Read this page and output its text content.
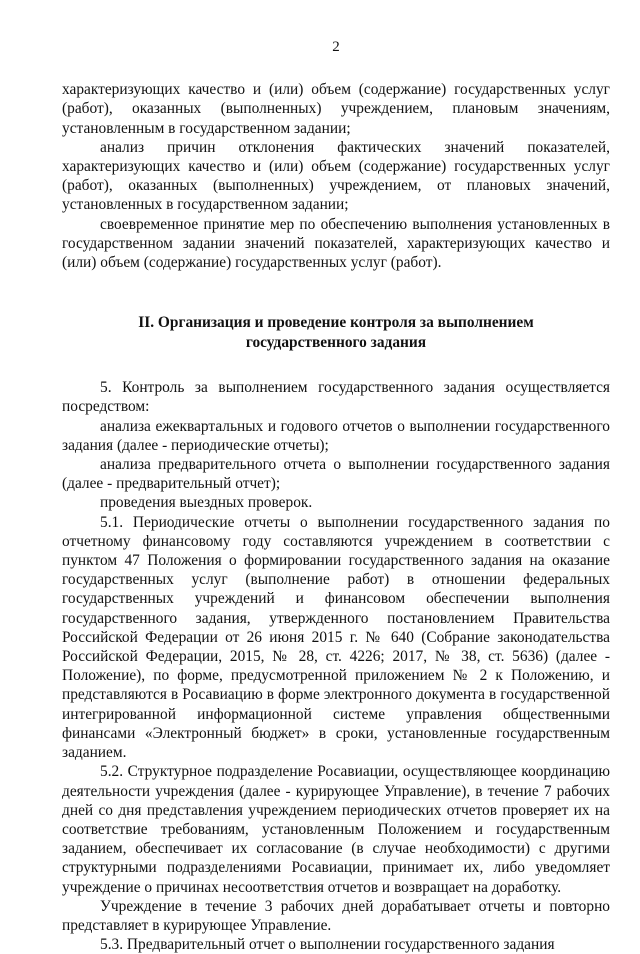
2

характеризующих качество и (или) объем (содержание) государственных услуг (работ), оказанных (выполненных) учреждением, плановым значениям, установленным в государственном задании;

анализ причин отклонения фактических значений показателей, характеризующих качество и (или) объем (содержание) государственных услуг (работ), оказанных (выполненных) учреждением, от плановых значений, установленных в государственном задании;

своевременное принятие мер по обеспечению выполнения установленных в государственном задании значений показателей, характеризующих качество и (или) объем (содержание) государственных услуг (работ).

II. Организация и проведение контроля за выполнением
государственного задания

5. Контроль за выполнением государственного задания осуществляется посредством:

анализа ежеквартальных и годового отчетов о выполнении государственного задания (далее - периодические отчеты);

анализа предварительного отчета о выполнении государственного задания (далее - предварительный отчет);

проведения выездных проверок.

5.1. Периодические отчеты о выполнении государственного задания по отчетному финансовому году составляются учреждением в соответствии с пунктом 47 Положения о формировании государственного задания на оказание государственных услуг (выполнение работ) в отношении федеральных государственных учреждений и финансовом обеспечении выполнения государственного задания, утвержденного постановлением Правительства Российской Федерации от 26 июня 2015 г. № 640 (Собрание законодательства Российской Федерации, 2015, № 28, ст. 4226; 2017, № 38, ст. 5636) (далее - Положение), по форме, предусмотренной приложением № 2 к Положению, и представляются в Росавиацию в форме электронного документа в государственной интегрированной информационной системе управления общественными финансами «Электронный бюджет» в сроки, установленные государственным заданием.

5.2. Структурное подразделение Росавиации, осуществляющее координацию деятельности учреждения (далее - курирующее Управление), в течение 7 рабочих дней со дня представления учреждением периодических отчетов проверяет их на соответствие требованиям, установленным Положением и государственным заданием, обеспечивает их согласование (в случае необходимости) с другими структурными подразделениями Росавиации, принимает их, либо уведомляет учреждение о причинах несоответствия отчетов и возвращает на доработку.

Учреждение в течение 3 рабочих дней дорабатывает отчеты и повторно представляет в курирующее Управление.

5.3. Предварительный отчет о выполнении государственного задания
